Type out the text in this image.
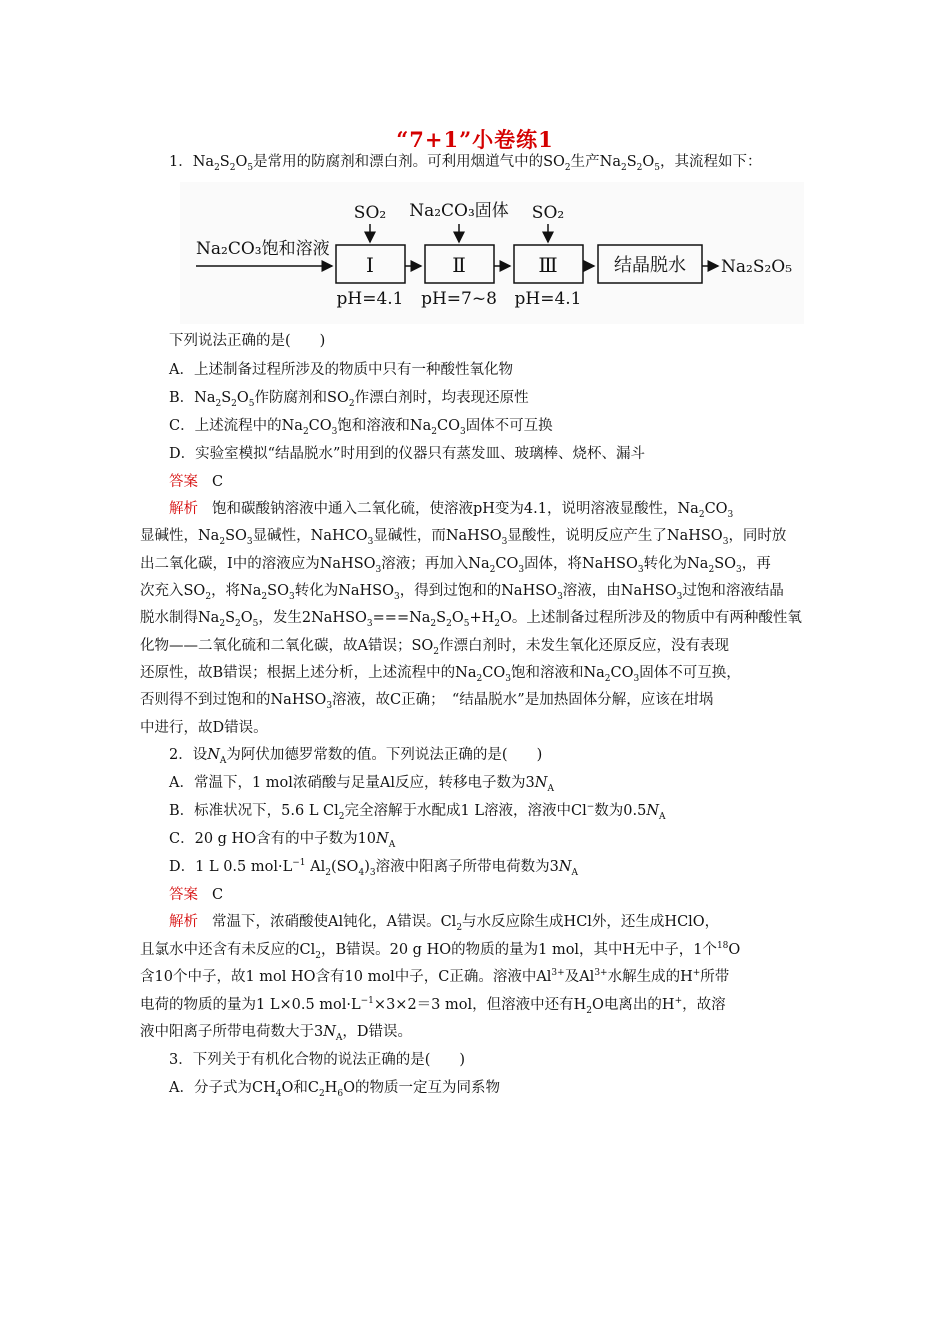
“7+1”小卷练1
1．$Na_2S_2O_5$是常用的防腐剂和漂白剂。可利用烟道气中的$SO_2$生产$Na_2S_2O_5$，其流程如下：
Na₂CO₃饱和溶液
Ⅰ	Ⅱ	Ⅲ	结晶脱水 Na₂S₂O₅
SO₂ Na₂CO₃固体 SO₂
pH=4.1 pH=7~8 pH=4.1
下列说法正确的是(　　)
A．上述制备过程所涉及的物质中只有一种酸性氧化物
B．$Na_2S_2O_5$作防腐剂和$SO_2$作漂白剂时，均表现还原性
C．上述流程中的$Na_2CO_3$饱和溶液和$Na_2CO_3$固体不可互换
D．实验室模拟“结晶脱水”时用到的仪器只有蒸发皿、玻璃棒、烧杯、漏斗
答案 C
解析 饱和碳酸钠溶液中通入二氧化硫，使溶液pH变为4.1，说明溶液显酸性，$Na_2CO_3$
显碱性，$Na_2SO_3$显碱性，NaHCO$_3$显碱性，而NaHSO$_3$显酸性，说明反应产生了NaHSO$_3$，同时放
出二氧化碳，Ⅰ中的溶液应为NaHSO$_3$溶液；再加入$Na_2CO_3$固体，将NaHSO$_3$转化为$Na_2SO_3$，再
次充入$SO_2$，将$Na_2SO_3$转化为NaHSO$_3$，得到过饱和的NaHSO$_3$溶液，由NaHSO$_3$过饱和溶液结晶
脱水制得$Na_2S_2O_5$，发生$2NaHSO_3===Na_2S_2O_5+H_2O$。上述制备过程所涉及的物质中有两种酸性氧
化物——二氧化硫和二氧化碳，故A错误；$SO_2$作漂白剂时，未发生氧化还原反应，没有表现
还原性，故B错误；根据上述分析，上述流程中的$Na_2CO_3$饱和溶液和$Na_2CO_3$固体不可互换，
否则得不到过饱和的NaHSO$_3$溶液，故C正确；　“结晶脱水”是加热固体分解，应该在坩埚
中进行，故D错误。
2．设$N_A$为阿伏加德罗常数的值。下列说法正确的是(　　)
A．常温下，1 mol浓硝酸与足量Al反应，转移电子数为$3N_A$
B．标准状况下，5.6 L $Cl_2$完全溶解于水配成1 L溶液，溶液中Cl−数为$0.5N_A$
C．20 g HO含有的中子数为$10N_A$
D．1 L 0.5 $mol\cdot L^{-1}$ $Al_2(SO_4)_3$溶液中阳离子所带电荷数为$3N_A$
答案 C
解析 常温下，浓硝酸使Al钝化，A错误。$Cl_2$与水反应除生成HCl外，还生成HClO，
且氯水中还含有未反应的$Cl_2$，B错误。20 g HO的物质的量为1 mol，其中H无中子，1个$^{18}$O
含10个中子，故1 mol HO含有10 mol中子，C正确。溶液中$Al^{3+}$及$Al^{3+}$水解生成的H+所带
电荷的物质的量为1 L×0.5 $mol\cdot L^{-1}\times 3\times 2=3$ mol，但溶液中还有$H_2O$电离出的H+，故溶
液中阳离子所带电荷数大于$3N_A$，D错误。
3．下列关于有机化合物的说法正确的是(　　)
A．分子式为$CH_4O$和$C_2H_6O$的物质一定互为同系物
